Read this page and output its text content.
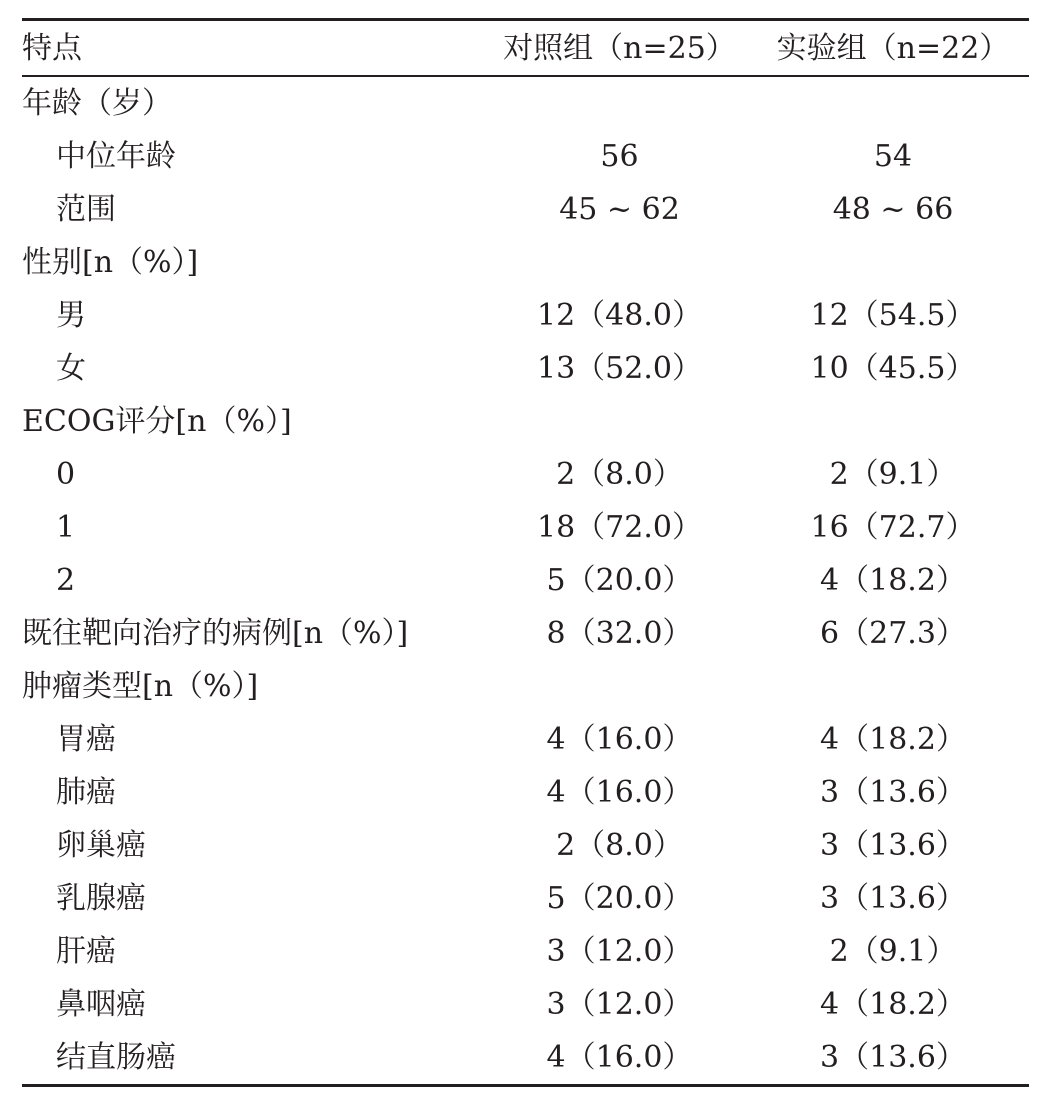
特点	对照组（n=25）	实验组（n=22）
年龄（岁）		
中位年龄	56	54
范围	45 ~ 62	48 ~ 66
性别[n（%）]		
男	12（48.0）	12（54.5）
女	13（52.0）	10（45.5）
ECOG评分[n（%）]		
0	2（8.0）	2（9.1）
1	18（72.0）	16（72.7）
2	5（20.0）	4（18.2）
既往靶向治疗的病例[n（%）]	8（32.0）	6（27.3）
肿瘤类型[n（%）]		
胃癌	4（16.0）	4（18.2）
肺癌	4（16.0）	3（13.6）
卵巢癌	2（8.0）	3（13.6）
乳腺癌	5（20.0）	3（13.6）
肝癌	3（12.0）	2（9.1）
鼻咽癌	3（12.0）	4（18.2）
结直肠癌	4（16.0）	3（13.6）
